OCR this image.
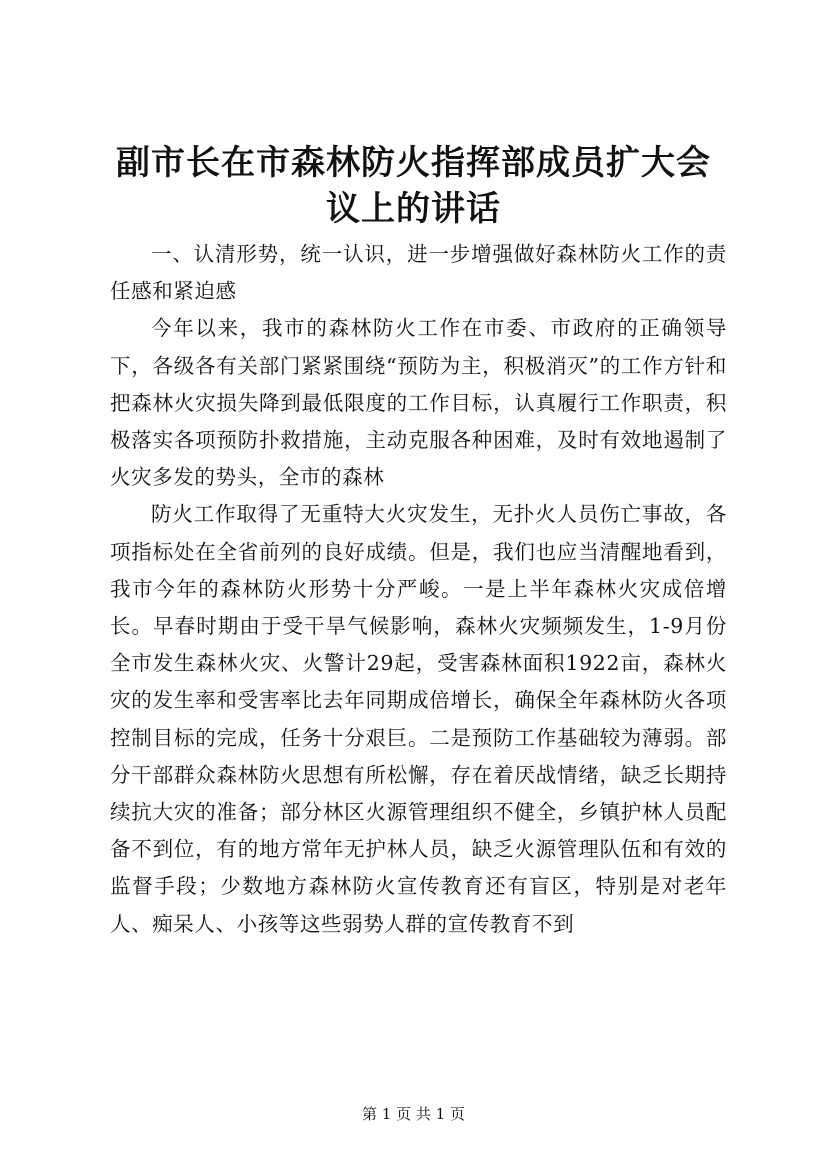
副市长在市森林防火指挥部成员扩大会议上的讲话

一、认清形势，统一认识，进一步增强做好森林防火工作的责任感和紧迫感

今年以来，我市的森林防火工作在市委、市政府的正确领导下，各级各有关部门紧紧围绕“预防为主，积极消灭”的工作方针和把森林火灾损失降到最低限度的工作目标，认真履行工作职责，积极落实各项预防扑救措施，主动克服各种困难，及时有效地遏制了火灾多发的势头，全市的森林

防火工作取得了无重特大火灾发生，无扑火人员伤亡事故，各项指标处在全省前列的良好成绩。但是，我们也应当清醒地看到，我市今年的森林防火形势十分严峻。一是上半年森林火灾成倍增长。早春时期由于受干旱气候影响，森林火灾频频发生，1-9月份全市发生森林火灾、火警计29起，受害森林面积1922亩，森林火灾的发生率和受害率比去年同期成倍增长，确保全年森林防火各项控制目标的完成，任务十分艰巨。二是预防工作基础较为薄弱。部分干部群众森林防火思想有所松懈，存在着厌战情绪，缺乏长期持续抗大灾的准备；部分林区火源管理组织不健全，乡镇护林人员配备不到位，有的地方常年无护林人员，缺乏火源管理队伍和有效的监督手段；少数地方森林防火宣传教育还有盲区，特别是对老年人、痴呆人、小孩等这些弱势人群的宣传教育不到

第 1 页 共 1 页
